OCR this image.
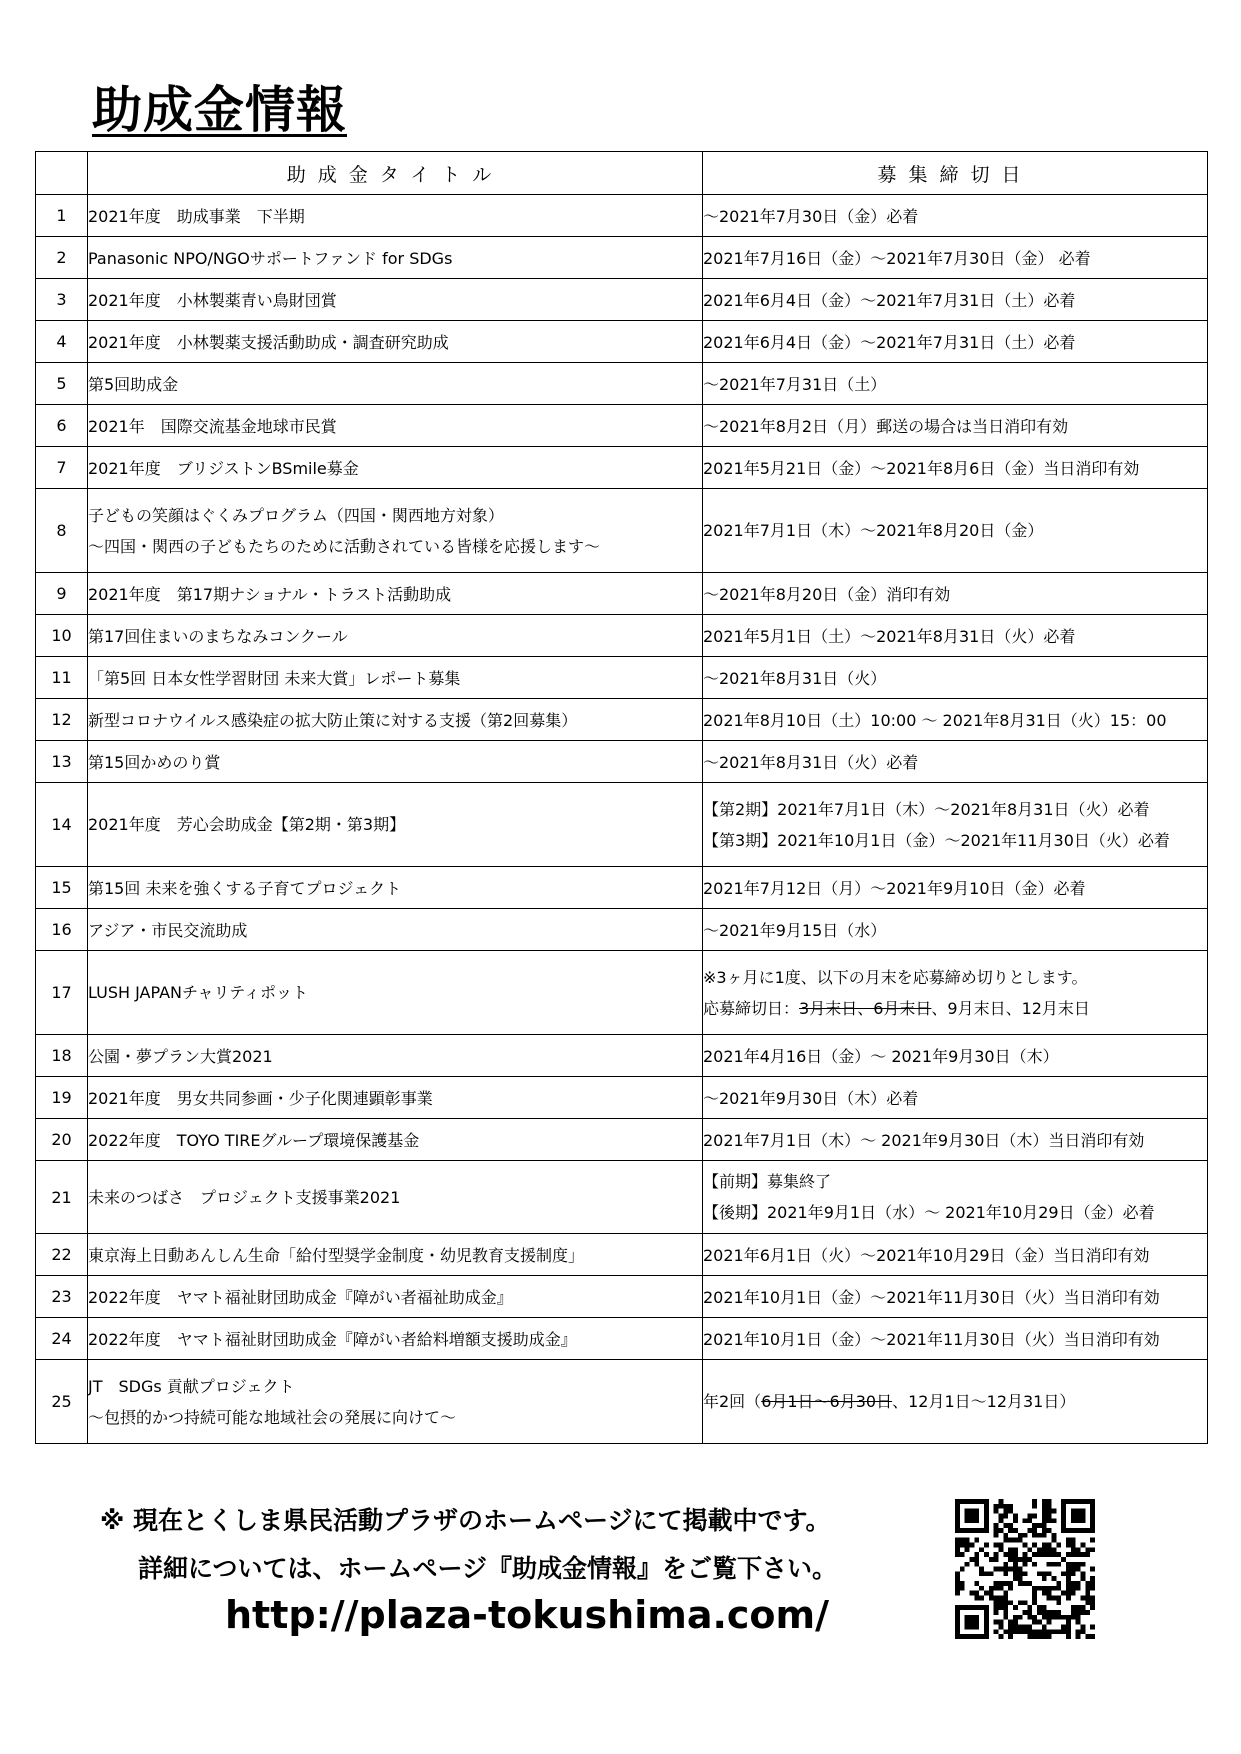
助成金情報
	助成金タイトル	募集締切日
1	2021年度　助成事業　下半期	～2021年7月30日（金）必着
2	Panasonic NPO/NGOサポートファンド for SDGs	2021年7月16日（金）～2021年7月30日（金） 必着
3	2021年度　小林製薬青い鳥財団賞	2021年6月4日（金）～2021年7月31日（土）必着
4	2021年度　小林製薬支援活動助成・調査研究助成	2021年6月4日（金）～2021年7月31日（土）必着
5	第5回助成金	～2021年7月31日（土）
6	2021年　国際交流基金地球市民賞	～2021年8月2日（月）郵送の場合は当日消印有効
7	2021年度　ブリジストンBSmile募金	2021年5月21日（金）～2021年8月6日（金）当日消印有効
8	子どもの笑顔はぐくみプログラム（四国・関西地方対象）
～四国・関西の子どもたちのために活動されている皆様を応援します～	2021年7月1日（木）～2021年8月20日（金）

9	2021年度　第17期ナショナル・トラスト活動助成	～2021年8月20日（金）消印有効
10	第17回住まいのまちなみコンクール	2021年5月1日（土）～2021年8月31日（火）必着
11	「第5回 日本女性学習財団 未来大賞」レポート募集	～2021年8月31日（火）
12	新型コロナウイルス感染症の拡大防止策に対する支援（第2回募集）	2021年8月10日（土）10:00 ～ 2021年8月31日（火）15：00
13	第15回かめのり賞	～2021年8月31日（火）必着
14	2021年度　芳心会助成金【第2期・第3期】	【第2期】2021年7月1日（木）～2021年8月31日（火）必着
【第3期】2021年10月1日（金）～2021年11月30日（火）必着

15	第15回 未来を強くする子育てプロジェクト	2021年7月12日（月）～2021年9月10日（金）必着
16	アジア・市民交流助成	～2021年9月15日（水）
17	LUSH JAPANチャリティポット	※3ヶ月に1度、以下の月末を応募締め切りとします。
応募締切日：3月末日、6月末日、9月末日、12月末日

18	公園・夢プラン大賞2021	2021年4月16日（金）～ 2021年9月30日（木）
19	2021年度　男女共同参画・少子化関連顕彰事業	～2021年9月30日（木）必着
20	2022年度　TOYO TIREグループ環境保護基金	2021年7月1日（木）～ 2021年9月30日（木）当日消印有効
21	未来のつばさ　プロジェクト支援事業2021	【前期】募集終了
【後期】2021年9月1日（水）～ 2021年10月29日（金）必着

22	東京海上日動あんしん生命「給付型奨学金制度・幼児教育支援制度」	2021年6月1日（火）～2021年10月29日（金）当日消印有効
23	2022年度　ヤマト福祉財団助成金『障がい者福祉助成金』	2021年10月1日（金）～2021年11月30日（火）当日消印有効
24	2022年度　ヤマト福祉財団助成金『障がい者給料増額支援助成金』	2021年10月1日（金）～2021年11月30日（火）当日消印有効
25	JT　SDGs 貢献プロジェクト
～包摂的かつ持続可能な地域社会の発展に向けて～	年2回（6月1日～6月30日、12月1日～12月31日）
※ 現在とくしま県民活動プラザのホームページにて掲載中です。
詳細については、ホームページ『助成金情報』をご覧下さい。
http://plaza-tokushima.com/
